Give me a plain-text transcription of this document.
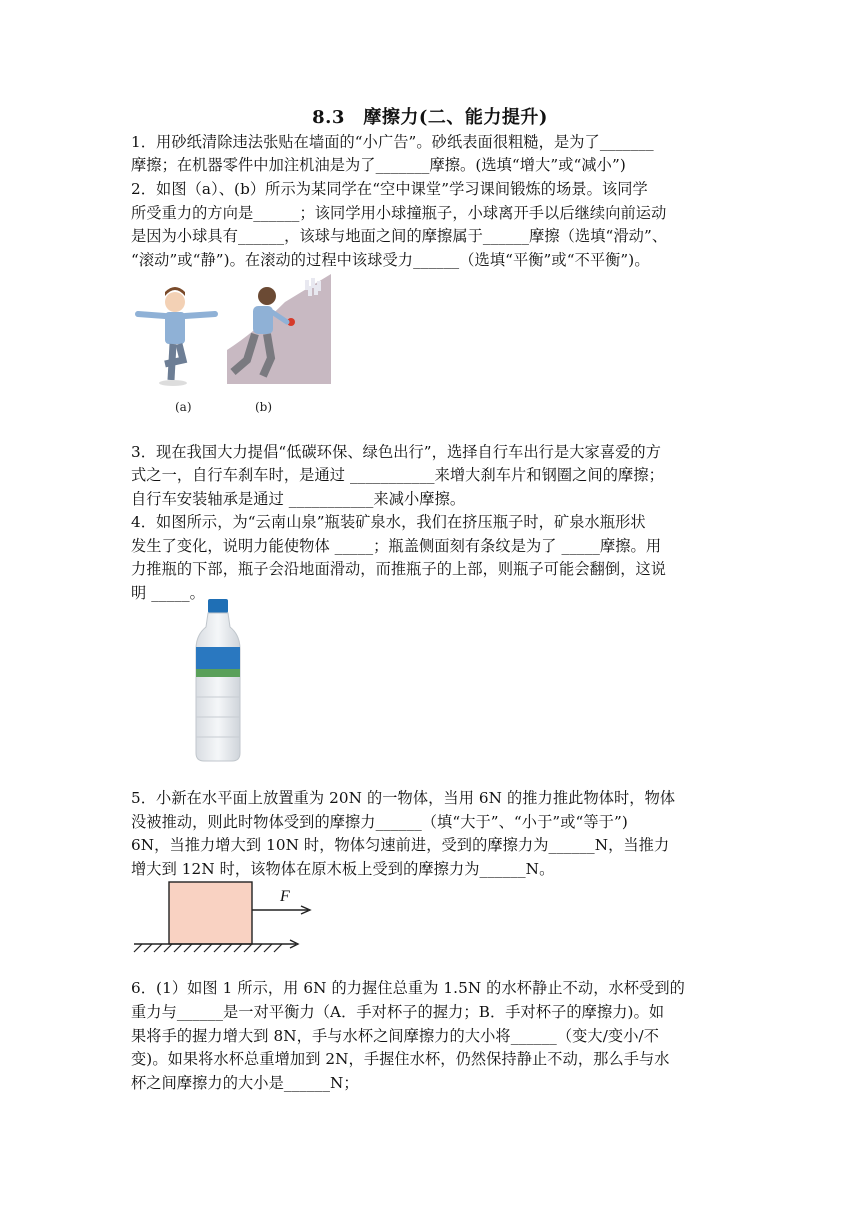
8.3　摩擦力(二、能力提升)
1．用砂纸清除违法张贴在墙面的“小广告”。砂纸表面很粗糙，是为了_______
摩擦；在机器零件中加注机油是为了_______摩擦。(选填“增大”或“减小”)
2．如图（a）、(b）所示为某同学在“空中课堂”学习课间锻炼的场景。该同学
所受重力的方向是______；该同学用小球撞瓶子，小球离开手以后继续向前运动
是因为小球具有______，该球与地面之间的摩擦属于______摩擦（选填“滑动”、
“滚动”或“静”)。在滚动的过程中该球受力______（选填“平衡”或“不平衡”)。
(a)	(b)
3．现在我国大力提倡“低碳环保、绿色出行”，选择自行车出行是大家喜爱的方
式之一，自行车刹车时，是通过 ___________来增大刹车片和钢圈之间的摩擦；
自行车安装轴承是通过 ___________来减小摩擦。
4．如图所示，为“云南山泉”瓶装矿泉水，我们在挤压瓶子时，矿泉水瓶形状
发生了变化，说明力能使物体 _____；瓶盖侧面刻有条纹是为了 _____摩擦。用
力推瓶的下部，瓶子会沿地面滑动，而推瓶子的上部，则瓶子可能会翻倒，这说
明 _____。
5．小新在水平面上放置重为 20N 的一物体，当用 6N 的推力推此物体时，物体
没被推动，则此时物体受到的摩擦力______（填“大于”、“小于”或“等于”)
6N，当推力增大到 10N 时，物体匀速前进，受到的摩擦力为______N，当推力
增大到 12N 时，该物体在原木板上受到的摩擦力为______N。
F
6．(1）如图 1 所示，用 6N 的力握住总重为 1.5N 的水杯静止不动，水杯受到的
重力与______是一对平衡力（A．手对杯子的握力；B．手对杯子的摩擦力)。如
果将手的握力增大到 8N，手与水杯之间摩擦力的大小将______（变大/变小/不
变)。如果将水杯总重增加到 2N，手握住水杯，仍然保持静止不动，那么手与水
杯之间摩擦力的大小是______N；
